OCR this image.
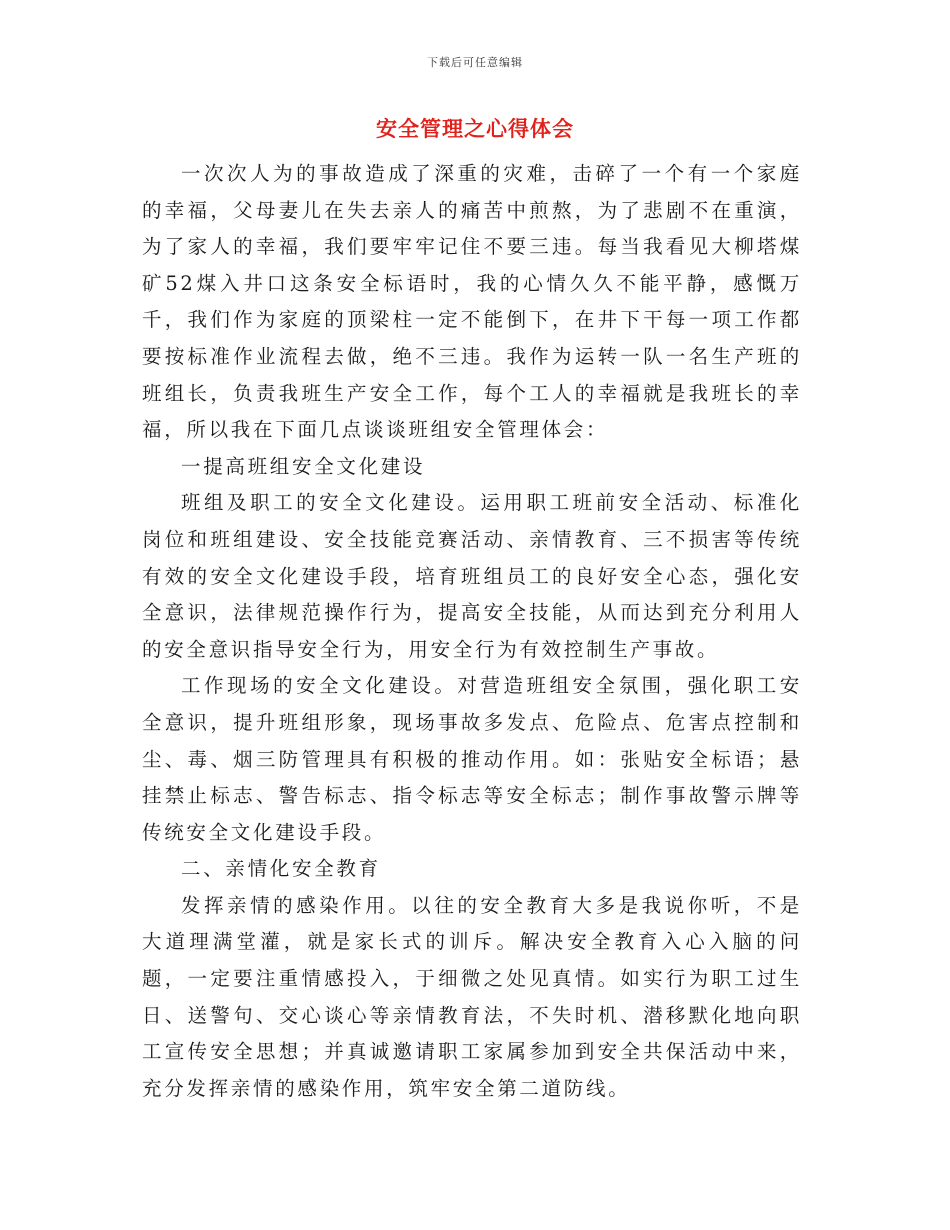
下载后可任意编辑
安全管理之心得体会

一次次人为的事故造成了深重的灾难，击碎了一个有一个家庭的幸福，父母妻儿在失去亲人的痛苦中煎熬，为了悲剧不在重演，为了家人的幸福，我们要牢牢记住不要三违。每当我看见大柳塔煤矿52煤入井口这条安全标语时，我的心情久久不能平静，感慨万千，我们作为家庭的顶梁柱一定不能倒下，在井下干每一项工作都要按标准作业流程去做，绝不三违。我作为运转一队一名生产班的班组长，负责我班生产安全工作，每个工人的幸福就是我班长的幸福，所以我在下面几点谈谈班组安全管理体会：

一提高班组安全文化建设

班组及职工的安全文化建设。运用职工班前安全活动、标准化岗位和班组建设、安全技能竞赛活动、亲情教育、三不损害等传统有效的安全文化建设手段，培育班组员工的良好安全心态，强化安全意识，法律规范操作行为，提高安全技能，从而达到充分利用人的安全意识指导安全行为，用安全行为有效控制生产事故。

工作现场的安全文化建设。对营造班组安全氛围，强化职工安全意识，提升班组形象，现场事故多发点、危险点、危害点控制和尘、毒、烟三防管理具有积极的推动作用。如：张贴安全标语；悬挂禁止标志、警告标志、指令标志等安全标志；制作事故警示牌等传统安全文化建设手段。

二、亲情化安全教育

发挥亲情的感染作用。以往的安全教育大多是我说你听，不是大道理满堂灌，就是家长式的训斥。解决安全教育入心入脑的问题，一定要注重情感投入，于细微之处见真情。如实行为职工过生日、送警句、交心谈心等亲情教育法，不失时机、潜移默化地向职工宣传安全思想；并真诚邀请职工家属参加到安全共保活动中来，充分发挥亲情的感染作用，筑牢安全第二道防线。
